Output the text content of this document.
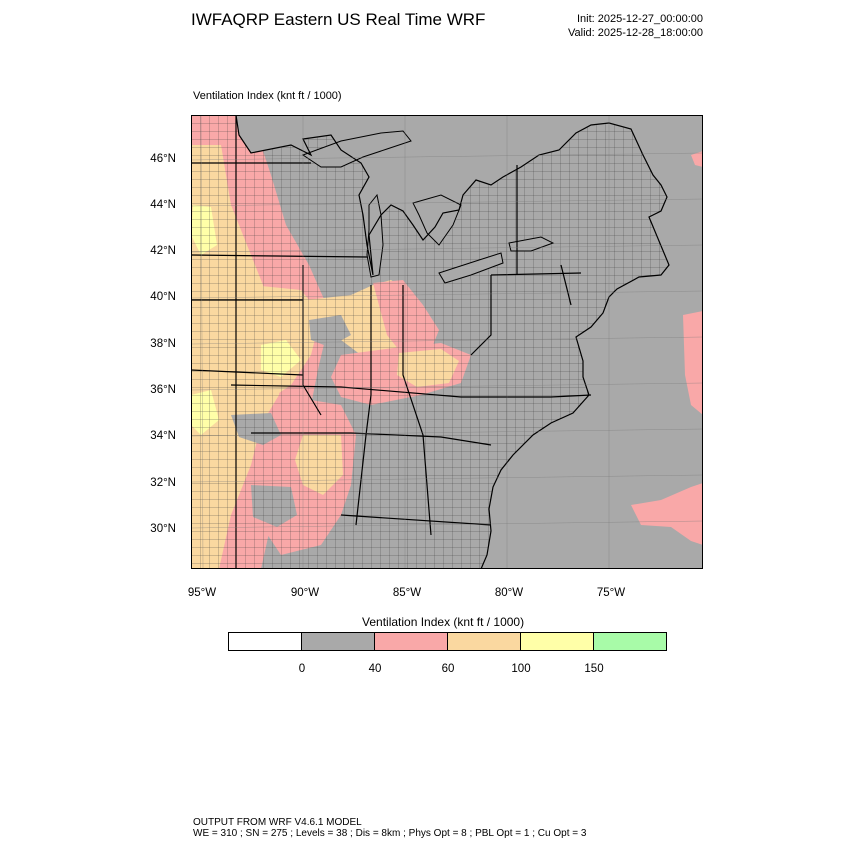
IWFAQRP Eastern US Real Time WRF	Init: 2025-12-27_00:00:00
Valid: 2025-12-28_18:00:00
Ventilation Index (knt ft / 1000)
46°N
44°N
42°N
40°N
38°N
36°N
34°N
32°N
30°N
95°W	90°W	85°W	80°W	75°W
Ventilation Index (knt ft / 1000)
0	40	60	100	150
OUTPUT FROM WRF V4.6.1 MODEL
WE = 310 ; SN = 275 ; Levels = 38 ; Dis = 8km ; Phys Opt = 8 ; PBL Opt = 1 ; Cu Opt = 3
